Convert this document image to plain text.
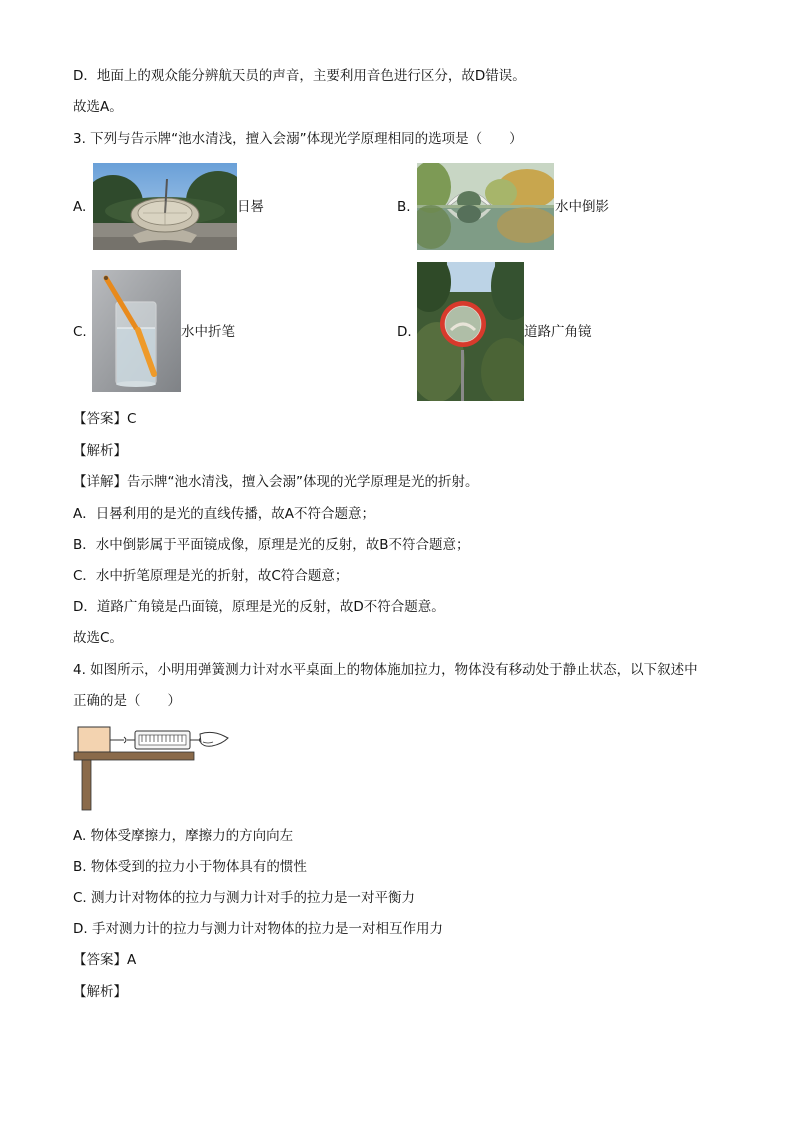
D．地面上的观众能分辨航天员的声音，主要利用音色进行区分，故D错误。
故选A。
3. 下列与告示牌“池水清浅，擅入会溺”体现光学原理相同的选项是（　　）
A.	日晷	B.	水中倒影
C.	水中折笔	D.	道路广角镜
【答案】C
【解析】
【详解】告示牌“池水清浅，擅入会溺”体现的光学原理是光的折射。
A．日晷利用的是光的直线传播，故A不符合题意；
B．水中倒影属于平面镜成像，原理是光的反射，故B不符合题意；
C．水中折笔原理是光的折射，故C符合题意；
D．道路广角镜是凸面镜，原理是光的反射，故D不符合题意。
故选C。
4. 如图所示，小明用弹簧测力计对水平桌面上的物体施加拉力，物体没有移动处于静止状态，以下叙述中
正确的是（　　）
A. 物体受摩擦力，摩擦力的方向向左
B. 物体受到的拉力小于物体具有的惯性
C. 测力计对物体的拉力与测力计对手的拉力是一对平衡力
D. 手对测力计的拉力与测力计对物体的拉力是一对相互作用力
【答案】A
【解析】
